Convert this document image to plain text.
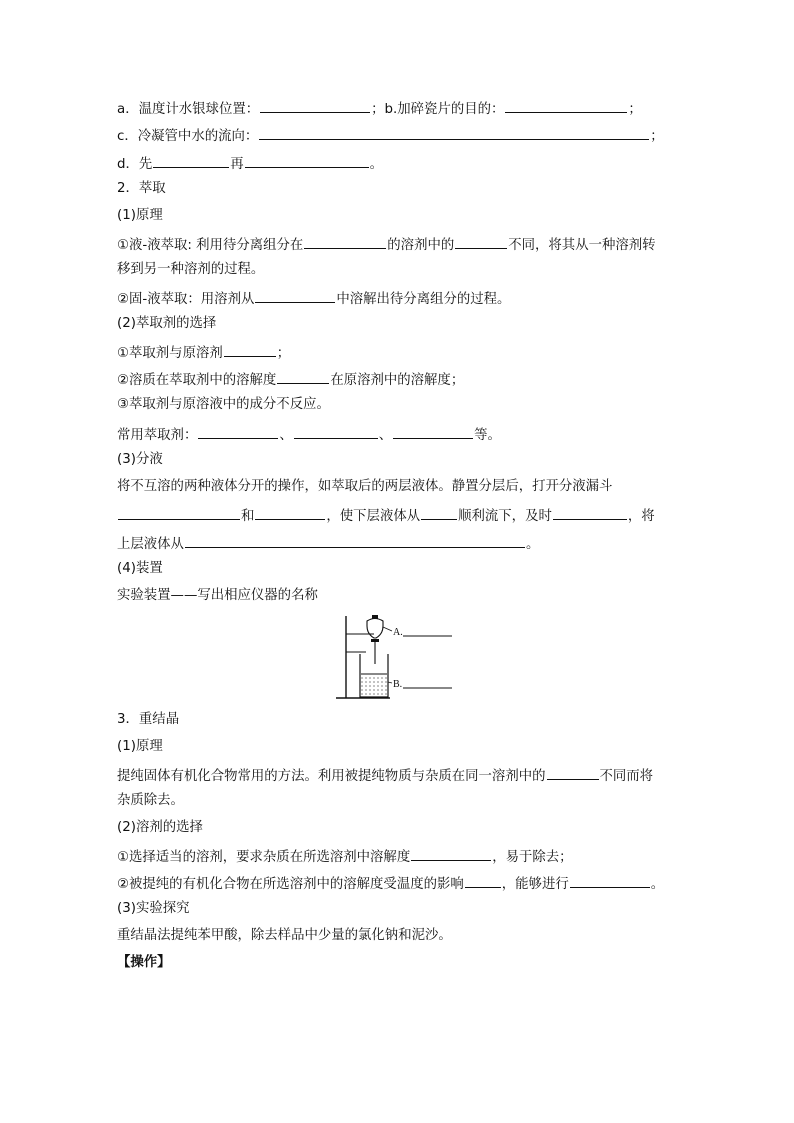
a．温度计水银球位置：	；b.加碎瓷片的目的：	；
c．冷凝管中水的流向：	；
d．先	再	。
2．萃取
(1)原理
①液-液萃取: 利用待分离组分在	的溶剂中的	不同，将其从一种溶剂转
移到另一种溶剂的过程。
②固-液萃取：用溶剂从	中溶解出待分离组分的过程。
(2)萃取剂的选择
①萃取剂与原溶剂	；
②溶质在萃取剂中的溶解度	在原溶剂中的溶解度；
③萃取剂与原溶液中的成分不反应。
常用萃取剂：	、	、	等。
(3)分液
将不互溶的两种液体分开的操作，如萃取后的两层液体。静置分层后，打开分液漏斗
和	，使下层液体从	顺利流下，及时	，将
上层液体从	。
(4)装置
实验装置——写出相应仪器的名称
A.
B.
3．重结晶
(1)原理
提纯固体有机化合物常用的方法。利用被提纯物质与杂质在同一溶剂中的	不同而将
杂质除去。
(2)溶剂的选择
①选择适当的溶剂，要求杂质在所选溶剂中溶解度	，易于除去；
②被提纯的有机化合物在所选溶剂中的溶解度受温度的影响	，能够进行	。
(3)实验探究
重结晶法提纯苯甲酸，除去样品中少量的氯化钠和泥沙。
【操作】
